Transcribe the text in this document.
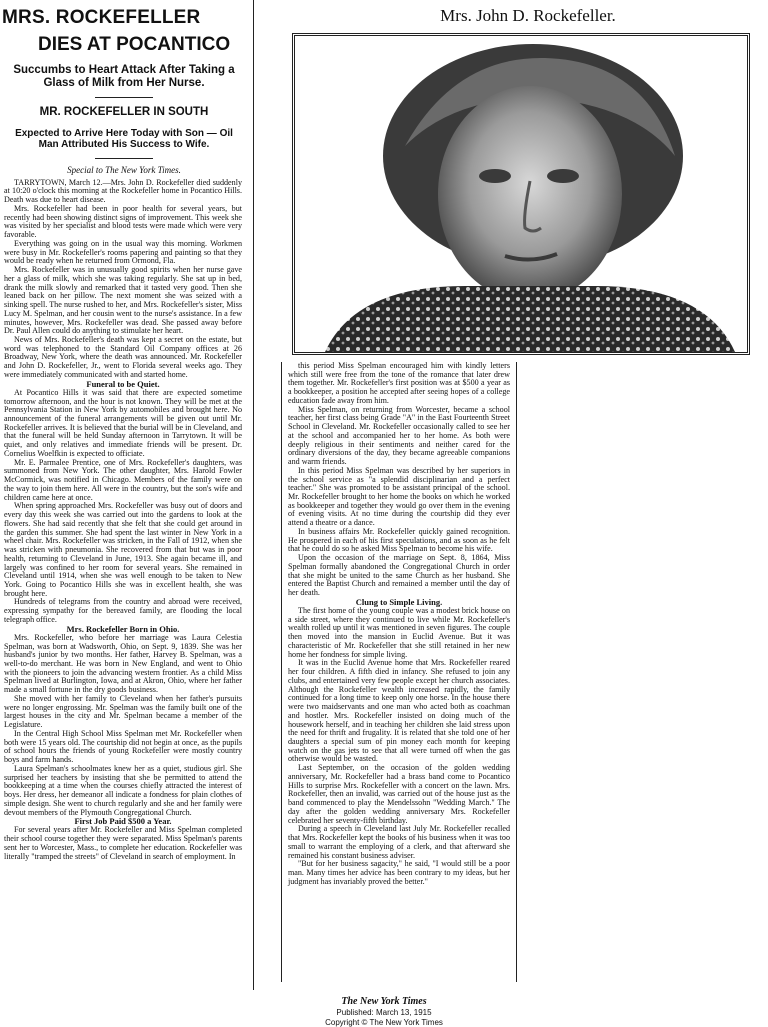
MRS. ROCKEFELLER
DIES AT POCANTICO
Succumbs to Heart Attack After Taking a Glass of Milk from Her Nurse.
MR. ROCKEFELLER IN SOUTH
Expected to Arrive Here Today with Son — Oil Man Attributed His Success to Wife.
Special to The New York Times.

TARRYTOWN, March 12.—Mrs. John D. Rockefeller died suddenly at 10:20 o'clock this morning at the Rockefeller home in Pocantico Hills. Death was due to heart disease.

Mrs. Rockefeller had been in poor health for several years, but recently had been showing distinct signs of improvement. This week she was visited by her specialist and blood tests were made which were very favorable.

Everything was going on in the usual way this morning. Workmen were busy in Mr. Rockefeller's rooms papering and painting so that they would be ready when he returned from Ormond, Fla.

Mrs. Rockefeller was in unusually good spirits when her nurse gave her a glass of milk, which she was taking regularly. She sat up in bed, drank the milk slowly and remarked that it tasted very good. Then she leaned back on her pillow. The next moment she was seized with a sinking spell. The nurse rushed to her, and Mrs. Rockefeller's sister, Miss Lucy M. Spelman, and her cousin went to the nurse's assistance. In a few minutes, however, Mrs. Rockefeller was dead. She passed away before Dr. Paul Allen could do anything to stimulate her heart.

News of Mrs. Rockefeller's death was kept a secret on the estate, but word was telephoned to the Standard Oil Company offices at 26 Broadway, New York, where the death was announced. Mr. Rockefeller and John D. Rockefeller, Jr., went to Florida several weeks ago. They were immediately communicated with and started home.

Funeral to be Quiet.

At Pocantico Hills it was said that there are expected sometime tomorrow afternoon, and the hour is not known. They will be met at the Pennsylvania Station in New York by automobiles and brought here. No announcement of the funeral arrangements will be given out until Mr. Rockefeller arrives. It is believed that the burial will be in Cleveland, and that the funeral will be held Sunday afternoon in Tarrytown. It will be quiet, and only relatives and immediate friends will be present. Dr. Cornelius Woelfkin is expected to officiate.

Mr. E. Parmalee Prentice, one of Mrs. Rockefeller's daughters, was summoned from New York. The other daughter, Mrs. Harold Fowler McCormick, was notified in Chicago. Members of the family were on the way to join them here. All were in the country, but the son's wife and children came here at once.

When spring approached Mrs. Rockefeller was busy out of doors and every day this week she was carried out into the gardens to look at the flowers. She had said recently that she felt that she could get around in the garden this summer. She had spent the last winter in New York in a wheel chair. Mrs. Rockefeller was stricken, in the Fall of 1912, when she was stricken with pneumonia. She recovered from that but was in poor health, returning to Cleveland in June, 1913. She again became ill, and largely was confined to her room for several years. She remained in Cleveland until 1914, when she was well enough to be taken to New York. Going to Pocantico Hills she was in excellent health, she was brought here.

Hundreds of telegrams from the country and abroad were received, expressing sympathy for the bereaved family, are flooding the local telegraph office.

Mrs. Rockefeller Born in Ohio.

Mrs. Rockefeller, who before her marriage was Laura Celestia Spelman, was born at Wadsworth, Ohio, on Sept. 9, 1839. She was her husband's junior by two months. Her father, Harvey B. Spelman, was a well-to-do merchant. He was born in New England, and went to Ohio with the pioneers to join the advancing western frontier. As a child Miss Spelman lived at Burlington, Iowa, and at Akron, Ohio, where her father made a small fortune in the dry goods business.

She moved with her family to Cleveland when her father's pursuits were no longer engrossing. Mr. Spelman was the family built one of the largest houses in the city and Mr. Spelman became a member of the Legislature.

In the Central High School Miss Spelman met Mr. Rockefeller when both were 15 years old. The courtship did not begin at once, as the pupils of school hours the friends of young Rockefeller were mostly country boys and farm hands.

Laura Spelman's schoolmates knew her as a quiet, studious girl. She surprised her teachers by insisting that she be permitted to attend the bookkeeping at a time when the courses chiefly attracted the interest of boys. Her dress, her demeanor all indicate a fondness for plain clothes of simple design. She went to church regularly and she and her family were devout members of the Plymouth Congregational Church.

First Job Paid $500 a Year.

For several years after Mr. Rockefeller and Miss Spelman completed their school course together they were separated. Miss Spelman's parents sent her to Worcester, Mass., to complete her education. Rockefeller was literally "tramped the streets" of Cleveland in search of employment. In

Mrs. John D. Rockefeller.

this period Miss Spelman encouraged him with kindly letters which still were free from the tone of the romance that later drew them together. Mr. Rockefeller's first position was at $500 a year as a bookkeeper, a position he accepted after seeing hopes of a college education fade away from him.

Miss Spelman, on returning from Worcester, became a school teacher, her first class being Grade "A" in the East Fourteenth Street School in Cleveland. Mr. Rockefeller occasionally called to see her at the school and accompanied her to her home. As both were deeply religious in their sentiments and neither cared for the ordinary diversions of the day, they became agreeable companions and warm friends.

In this period Miss Spelman was described by her superiors in the school service as "a splendid disciplinarian and a perfect teacher." She was promoted to be assistant principal of the school. Mr. Rockefeller brought to her home the books on which he worked as bookkeeper and together they would go over them in the evening of evening visits. At no time during the courtship did they ever attend a theatre or a dance.

In business affairs Mr. Rockefeller quickly gained recognition. He prospered in each of his first speculations, and as soon as he felt that he could do so he asked Miss Spelman to become his wife.

Upon the occasion of the marriage on Sept. 8, 1864, Miss Spelman formally abandoned the Congregational Church in order that she might be united to the same Church as her husband. She entered the Baptist Church and remained a member until the day of her death.

Clung to Simple Living.

The first home of the young couple was a modest brick house on a side street, where they continued to live while Mr. Rockefeller's wealth rolled up until it was mentioned in seven figures. The couple then moved into the mansion in Euclid Avenue. But it was characteristic of Mr. Rockefeller that she still retained in her new home her fondness for simple living.

It was in the Euclid Avenue home that Mrs. Rockefeller reared her four children. A fifth died in infancy. She refused to join any clubs, and entertained very few people except her church associates. Although the Rockefeller wealth increased rapidly, the family continued for a long time to keep only one horse. In the house there were two maidservants and one man who acted both as coachman and hostler. Mrs. Rockefeller insisted on doing much of the housework herself, and in teaching her children she laid stress upon the need for thrift and frugality. It is related that she told one of her daughters a special sum of pin money each month for keeping watch on the gas jets to see that all were turned off when the gas otherwise would be wasted.

Last September, on the occasion of the golden wedding anniversary, Mr. Rockefeller had a brass band come to Pocantico Hills to surprise Mrs. Rockefeller with a concert on the lawn. Mrs. Rockefeller, then an invalid, was carried out of the house just as the band commenced to play the Mendelssohn "Wedding March." The day after the golden wedding anniversary Mrs. Rockefeller celebrated her seventy-fifth birthday.

During a speech in Cleveland last July Mr. Rockefeller recalled that Mrs. Rockefeller kept the books of his business when it was too small to warrant the employing of a clerk, and that afterward she remained his constant business adviser.

"But for her business sagacity," he said, "I would still be a poor man. Many times her advice has been contrary to my ideas, but her judgment has invariably proved the better."

The New York Times
Published: March 13, 1915
Copyright © The New York Times
